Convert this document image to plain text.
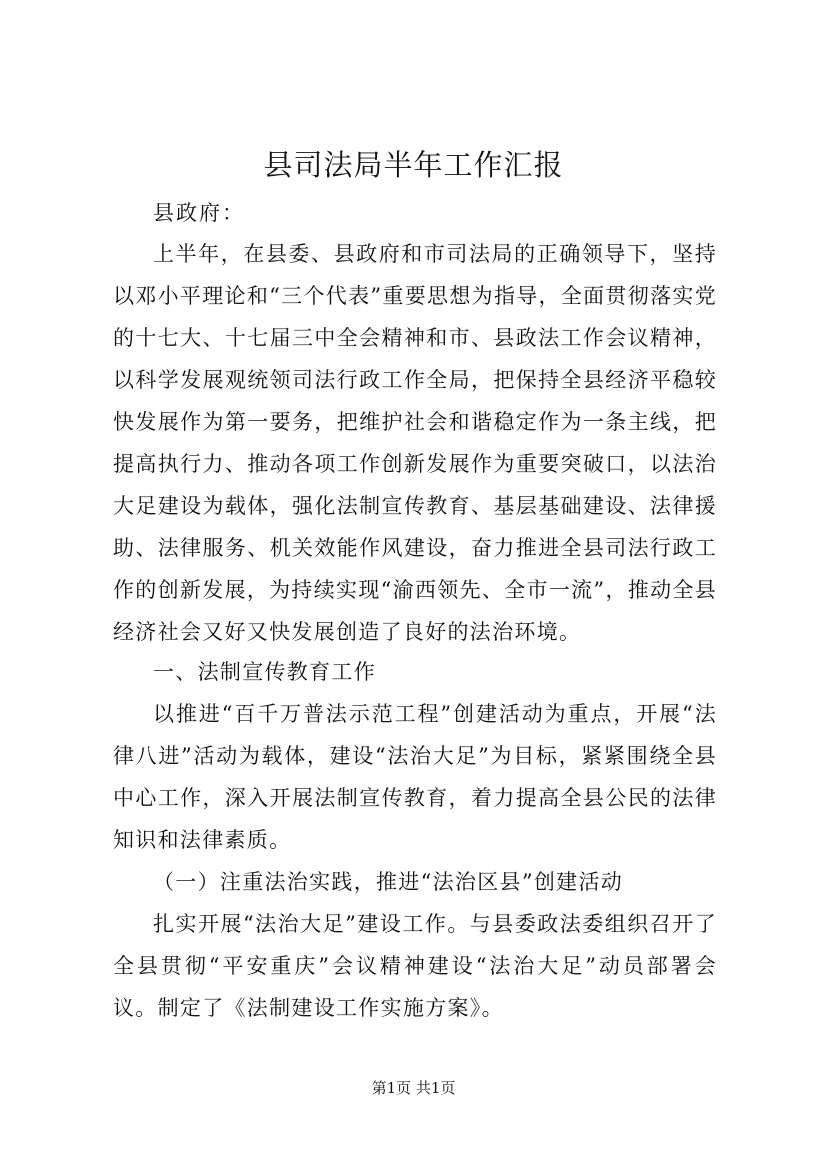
县司法局半年工作汇报
县政府：

上半年，在县委、县政府和市司法局的正确领导下，坚持以邓小平理论和“三个代表”重要思想为指导，全面贯彻落实党的十七大、十七届三中全会精神和市、县政法工作会议精神，以科学发展观统领司法行政工作全局，把保持全县经济平稳较快发展作为第一要务，把维护社会和谐稳定作为一条主线，把提高执行力、推动各项工作创新发展作为重要突破口，以法治大足建设为载体，强化法制宣传教育、基层基础建设、法律援助、法律服务、机关效能作风建设，奋力推进全县司法行政工作的创新发展，为持续实现“渝西领先、全市一流”，推动全县经济社会又好又快发展创造了良好的法治环境。

一、法制宣传教育工作

以推进“百千万普法示范工程”创建活动为重点，开展“法律八进”活动为载体，建设“法治大足”为目标，紧紧围绕全县中心工作，深入开展法制宣传教育，着力提高全县公民的法律知识和法律素质。

（一）注重法治实践，推进“法治区县”创建活动

扎实开展“法治大足”建设工作。与县委政法委组织召开了全县贯彻“平安重庆”会议精神建设“法治大足”动员部署会议。制定了《法制建设工作实施方案》。

第1页 共1页
